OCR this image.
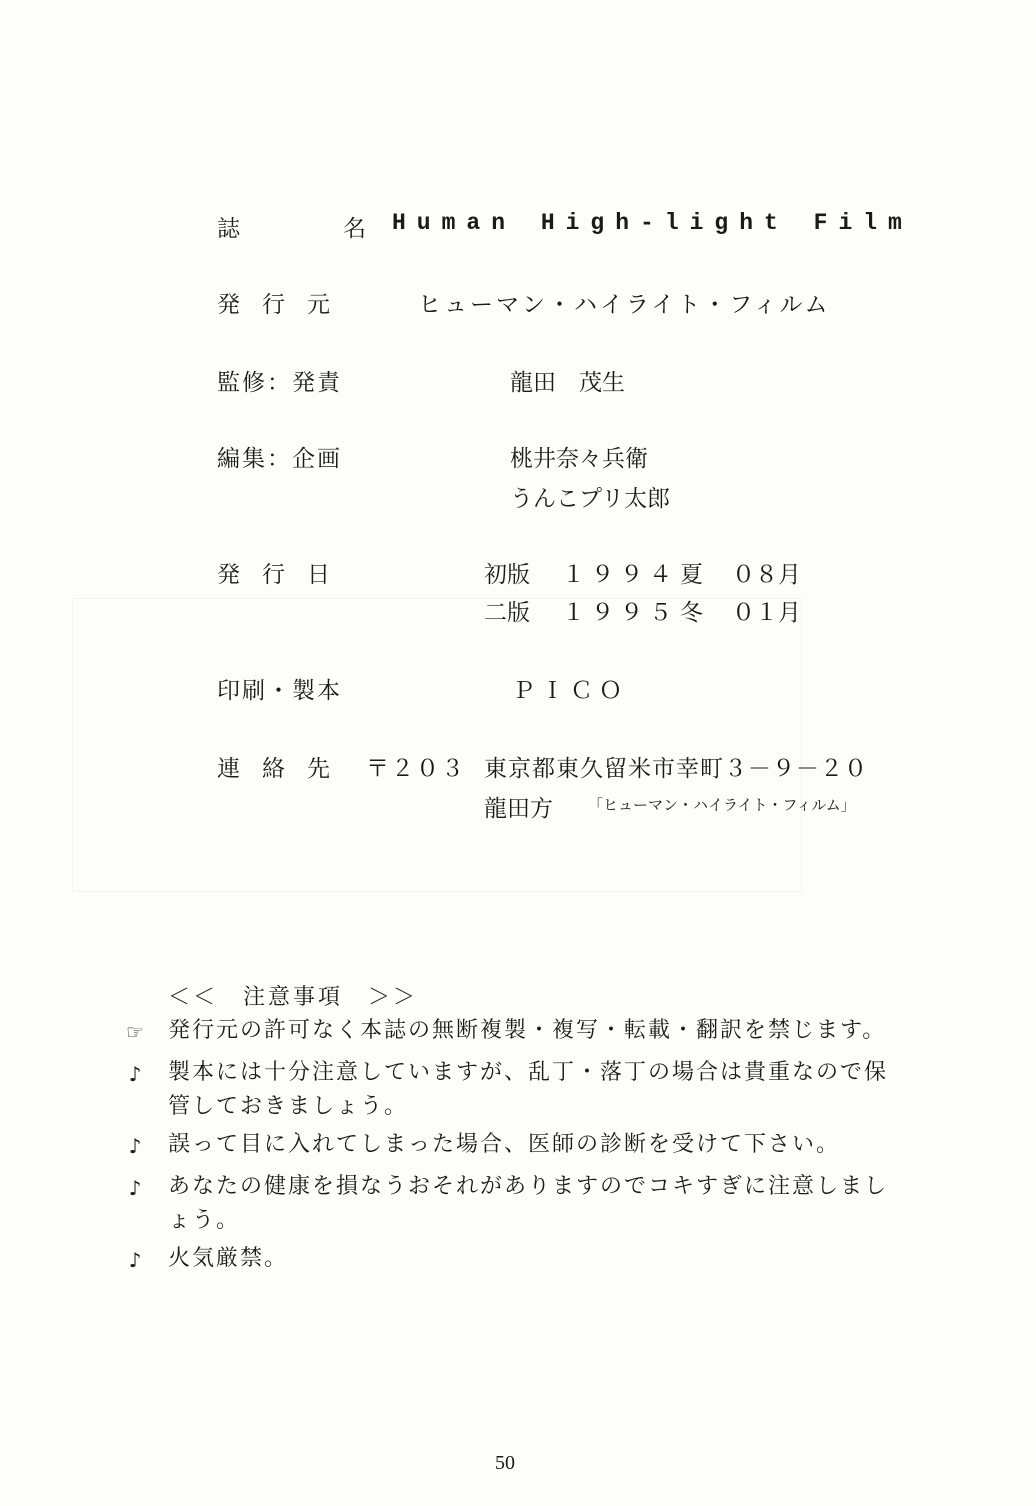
誌　名
Human High-light Film
発行元	ヒューマン・ハイライト・フィルム
監修：発責	龍田　茂生
編集：企画	桃井奈々兵衛
うんこプリ太郎
発行日	初版 １９９４ 夏 ０８月
二版 １９９５ 冬 ０１月
印刷・製本	ＰＩＣＯ
連絡先 〒２０３ 東京都東久留米市幸町３－９－２０
龍田方 「ヒューマン・ハイライト・フィルム」
＜＜　注意事項　＞＞
☞ 発行元の許可なく本誌の無断複製・複写・転載・翻訳を禁じます。
♪	製本には十分注意していますが、乱丁・落丁の場合は貴重なので保管しておきましょう。
♪	誤って目に入れてしまった場合、医師の診断を受けて下さい。
♪	あなたの健康を損なうおそれがありますのでコキすぎに注意しましょう。
♪	火気厳禁。
50
